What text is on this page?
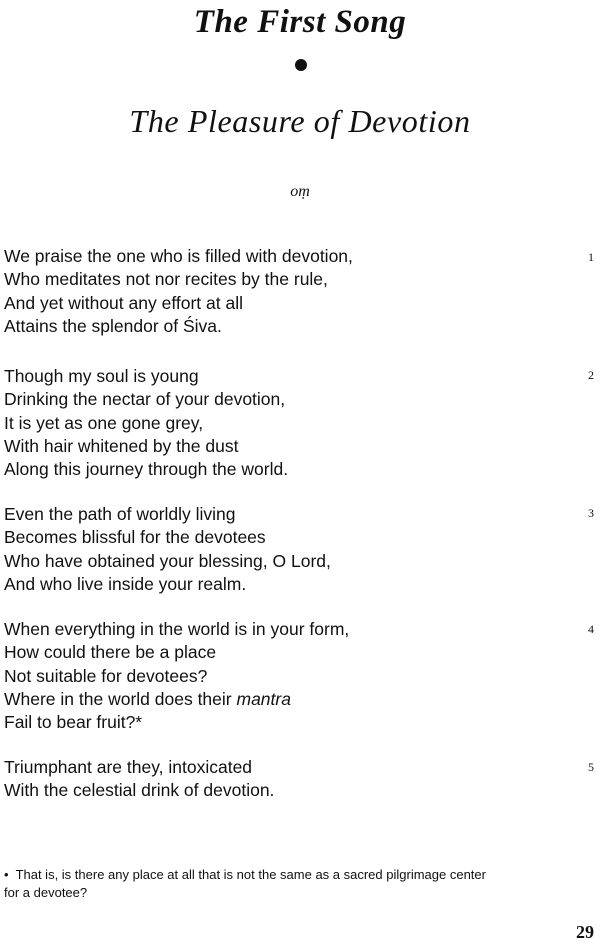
The First Song
The Pleasure of Devotion
oṃ
We praise the one who is filled with devotion,
Who meditates not nor recites by the rule,
And yet without any effort at all
Attains the splendor of Śiva.
1
Though my soul is young
Drinking the nectar of your devotion,
It is yet as one gone grey,
With hair whitened by the dust
Along this journey through the world.
2
Even the path of worldly living
Becomes blissful for the devotees
Who have obtained your blessing, O Lord,
And who live inside your realm.
3
When everything in the world is in your form,
How could there be a place
Not suitable for devotees?
Where in the world does their mantra
Fail to bear fruit?*
4
Triumphant are they, intoxicated
With the celestial drink of devotion.
5
• That is, is there any place at all that is not the same as a sacred pilgrimage center
for a devotee?
29
